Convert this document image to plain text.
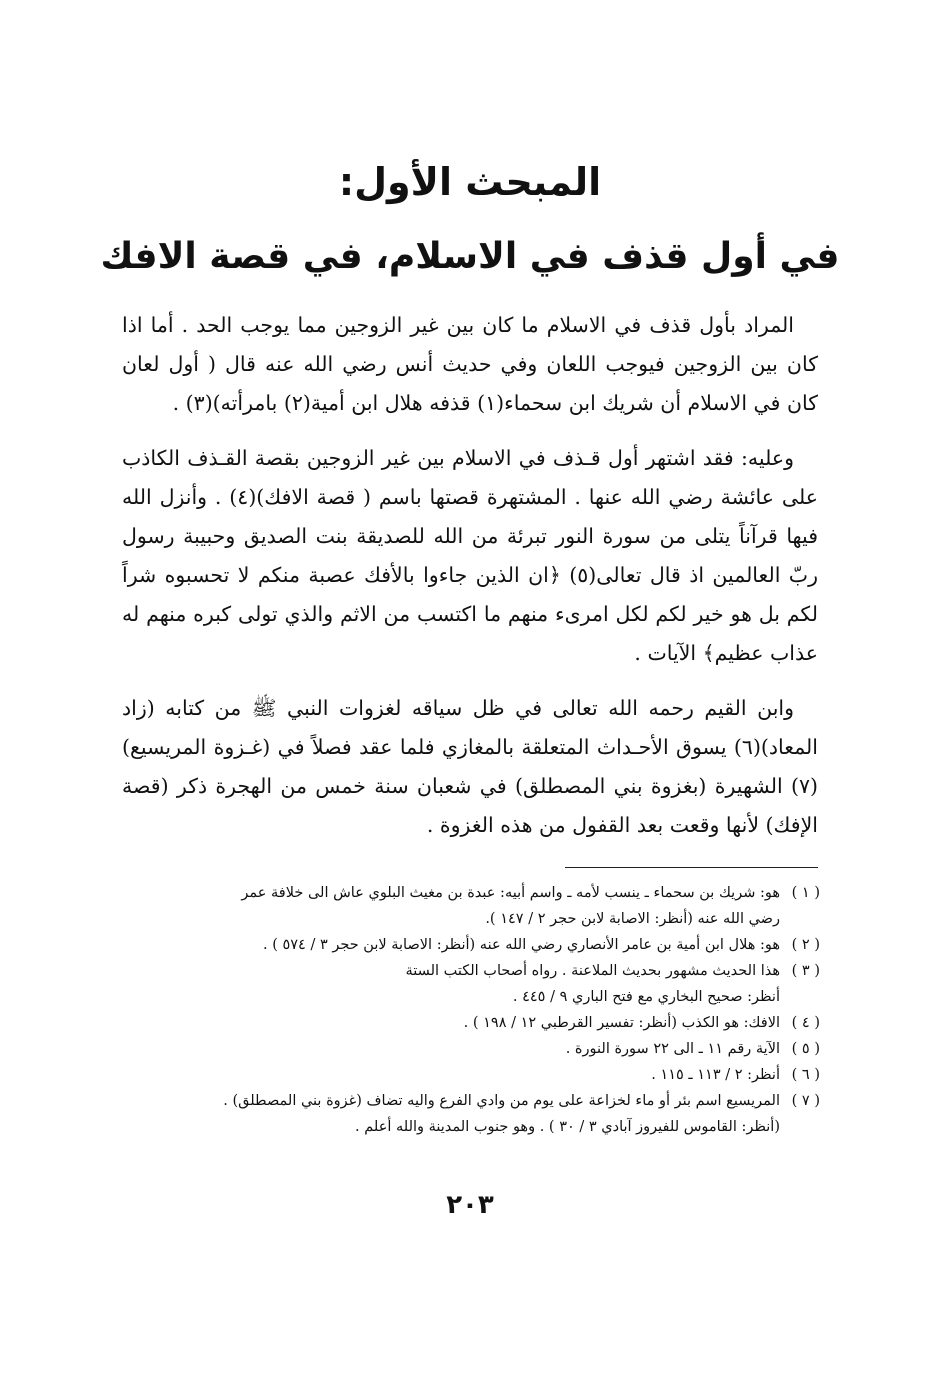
المبحث الأول:
في أول قذف في الاسلام، في قصة الافك

المراد بأول قذف في الاسلام ما كان بين غير الزوجين مما يوجب الحد . أما اذا كان بين الزوجين فيوجب اللعان وفي حديث أنس رضي الله عنه قال ( أول لعان كان في الاسلام أن شريك ابن سحماء(١) قذفه هلال ابن أمية(٢) بامرأته)(٣) .

وعليه: فقد اشتهر أول قـذف في الاسلام بين غير الزوجين بقصة القـذف الكاذب على عائشة رضي الله عنها . المشتهرة قصتها باسم ( قصة الافك)(٤) . وأنزل الله فيها قرآناً يتلى من سورة النور تبرئة من الله للصديقة بنت الصديق وحبيبة رسول ربّ العالمين اذ قال تعالى(٥) ﴿ان الذين جاءوا بالأفك عصبة منكم لا تحسبوه شراً لكم بل هو خير لكم لكل امرىء منهم ما اكتسب من الاثم والذي تولى كبره منهم له عذاب عظيم﴾ الآيات .

وابن القيم رحمه الله تعالى في ظل سياقه لغزوات النبي ﷺ من كتابه (زاد المعاد)(٦) يسوق الأحـداث المتعلقة بالمغازي فلما عقد فصلاً في (غـزوة المريسيع)(٧) الشهيرة (بغزوة بني المصطلق) في شعبان سنة خمس من الهجرة ذكر (قصة الإفك) لأنها وقعت بعد القفول من هذه الغزوة .

( ١ )
هو: شريك بن سحماء ـ ينسب لأمه ـ واسم أبيه: عبدة بن مغيث البلوي عاش الى خلافة عمر
رضي الله عنه (أنظر: الاصابة لابن حجر ٢ / ١٤٧ ).
( ٢ )
هو: هلال ابن أمية بن عامر الأنصاري رضي الله عنه (أنظر: الاصابة لابن حجر ٣ / ٥٧٤ ) .
( ٣ )
هذا الحديث مشهور بحديث الملاعنة . رواه أصحاب الكتب الستة
أنظر: صحيح البخاري مع فتح الباري ٩ / ٤٤٥ .
( ٤ )
الافك: هو الكذب (أنظر: تفسير القرطبي ١٢ / ١٩٨ ) .
( ٥ )
الآية رقم ١١ ـ الى ٢٢ سورة النورة .
( ٦ )
أنظر: ٢ / ١١٣ ـ ١١٥ .
( ٧ )
المريسيع اسم بئر أو ماء لخزاعة على يوم من وادي الفرع واليه تضاف (غزوة بني المصطلق) .
(أنظر: القاموس للفيروز آبادي ٣ / ٣٠ ) . وهو جنوب المدينة والله أعلم .
٢٠٣
